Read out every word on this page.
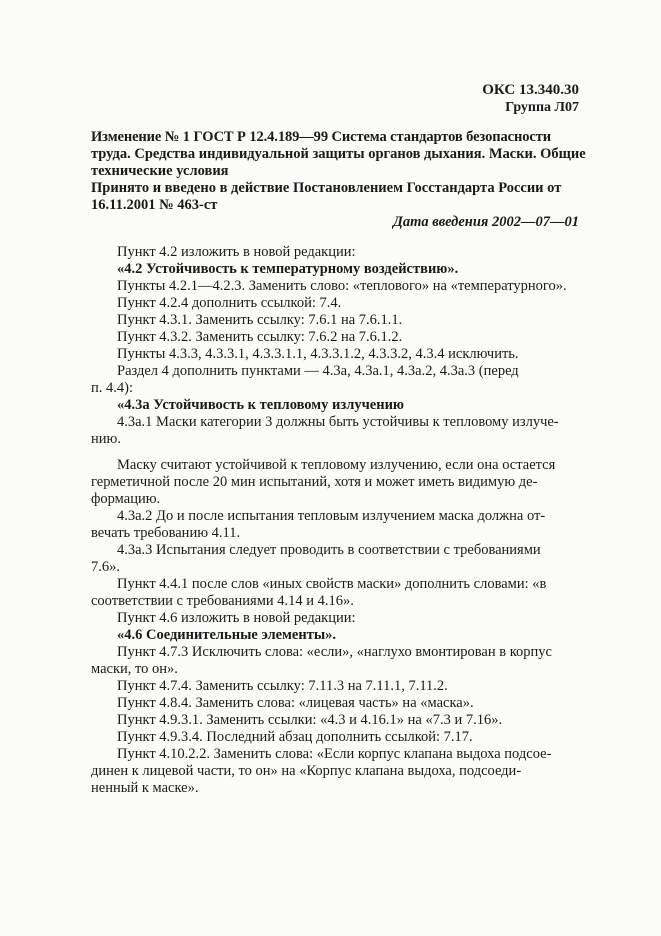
ОКС 13.340.30
Группа Л07
Изменение № 1 ГОСТ Р 12.4.189—99 Система стандартов безопасности
труда. Средства индивидуальной защиты органов дыхания. Маски. Общие
технические условия
Принято и введено в действие Постановлением Госстандарта России от
16.11.2001 № 463-ст
Дата введения 2002—07—01
Пункт 4.2 изложить в новой редакции:
«4.2 Устойчивость к температурному воздействию».
Пункты 4.2.1—4.2.3. Заменить слово: «теплового» на «температурного».
Пункт 4.2.4 дополнить ссылкой: 7.4.
Пункт 4.3.1. Заменить ссылку: 7.6.1 на 7.6.1.1.
Пункт 4.3.2. Заменить ссылку: 7.6.2 на 7.6.1.2.
Пункты 4.3.3, 4.3.3.1, 4.3.3.1.1, 4.3.3.1.2, 4.3.3.2, 4.3.4 исключить.
Раздел 4 дополнить пунктами — 4.3а, 4.3а.1, 4.3а.2, 4.3а.3 (перед
п. 4.4):
«4.3а Устойчивость к тепловому излучению
4.3а.1 Маски категории 3 должны быть устойчивы к тепловому излуче-
нию.
Маску считают устойчивой к тепловому излучению, если она остается
герметичной после 20 мин испытаний, хотя и может иметь видимую де-
формацию.
4.3а.2 До и после испытания тепловым излучением маска должна от-
вечать требованию 4.11.
4.3а.3 Испытания следует проводить в соответствии с требованиями
7.6».
Пункт 4.4.1 после слов «иных свойств маски» дополнить словами: «в
соответствии с требованиями 4.14 и 4.16».
Пункт 4.6 изложить в новой редакции:
«4.6 Соединительные элементы».
Пункт 4.7.3 Исключить слова: «если», «наглухо вмонтирован в корпус
маски, то он».
Пункт 4.7.4. Заменить ссылку: 7.11.3 на 7.11.1, 7.11.2.
Пункт 4.8.4. Заменить слова: «лицевая часть» на «маска».
Пункт 4.9.3.1. Заменить ссылки: «4.3 и 4.16.1» на «7.3 и 7.16».
Пункт 4.9.3.4. Последний абзац дополнить ссылкой: 7.17.
Пункт 4.10.2.2. Заменить слова: «Если корпус клапана выдоха подсое-
динен к лицевой части, то он» на «Корпус клапана выдоха, подсоеди-
ненный к маске».
